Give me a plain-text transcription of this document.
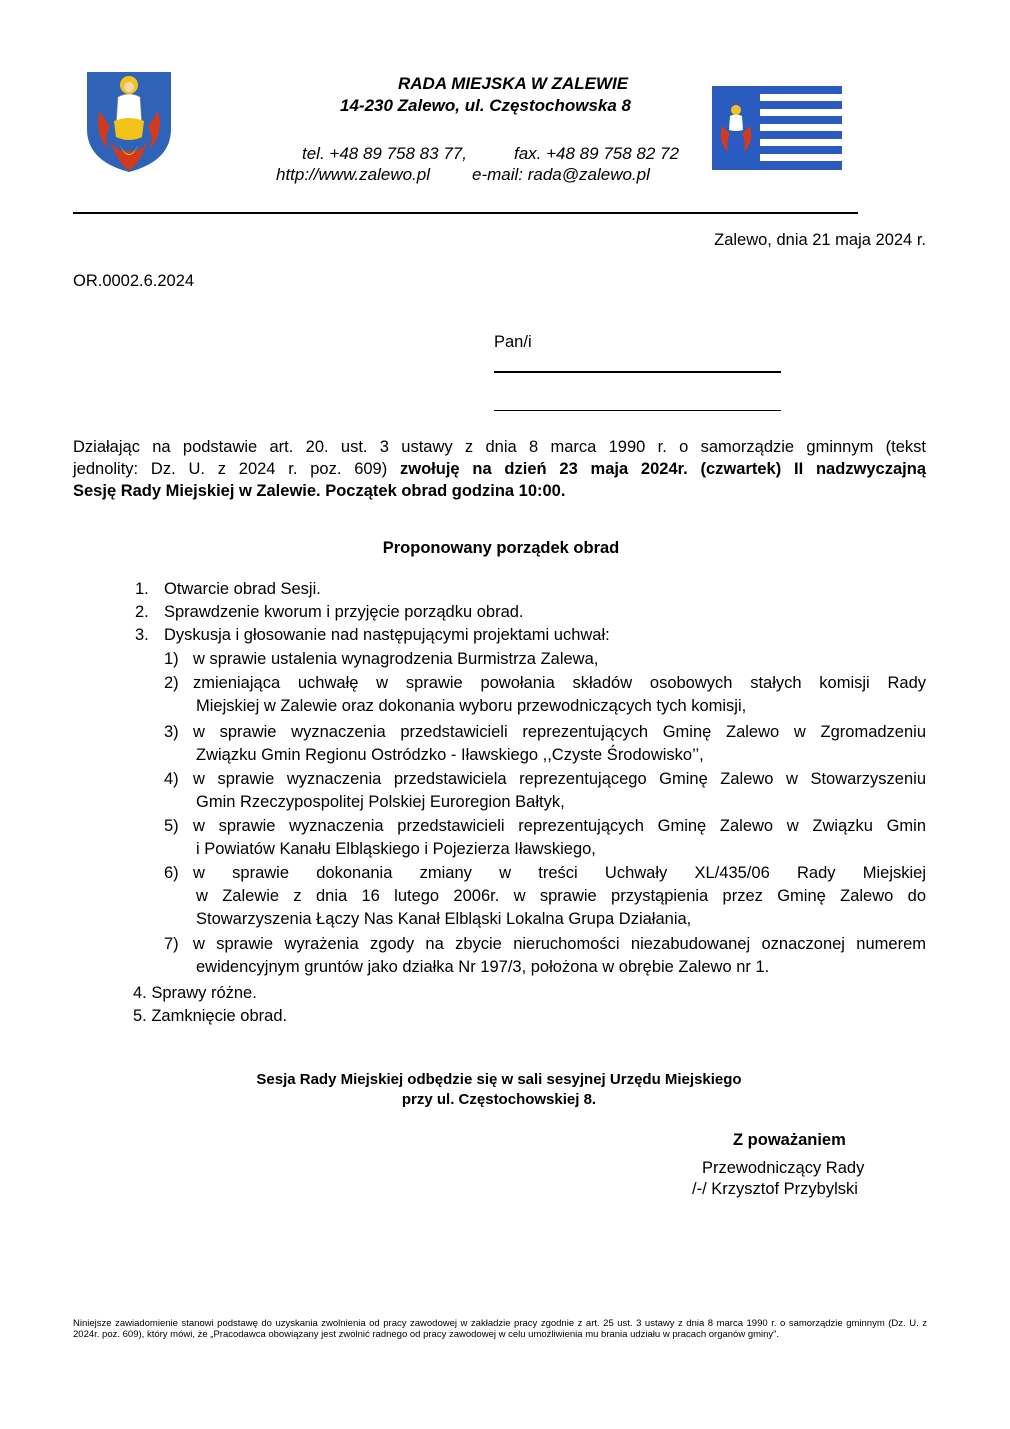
RADA MIEJSKA W ZALEWIE
14-230 Zalewo, ul. Częstochowska 8
tel. +48 89 758 83 77,	fax. +48 89 758 82 72
http://www.zalewo.pl e-mail: rada@zalewo.pl
Zalewo, dnia 21 maja 2024 r.
OR.0002.6.2024
Pan/i
Działając na podstawie art. 20. ust. 3 ustawy z dnia 8 marca 1990 r. o samorządzie gminnym (tekst
jednolity: Dz. U. z 2024 r. poz. 609) zwołuję na dzień 23 maja 2024r. (czwartek) II nadzwyczajną
Sesję Rady Miejskiej w Zalewie. Początek obrad godzina 10:00.
Proponowany porządek obrad
1. Otwarcie obrad Sesji.
2. Sprawdzenie kworum i przyjęcie porządku obrad.
3. Dyskusja i głosowanie nad następującymi projektami uchwał:
1) w sprawie ustalenia wynagrodzenia Burmistrza Zalewa,
2) zmieniająca uchwałę w sprawie powołania składów osobowych stałych komisji Rady
Miejskiej w Zalewie oraz dokonania wyboru przewodniczących tych komisji,
3) w sprawie wyznaczenia przedstawicieli reprezentujących Gminę Zalewo w Zgromadzeniu
Związku Gmin Regionu Ostródzko - Iławskiego ,,Czyste Środowisko’’,
4) w sprawie wyznaczenia przedstawiciela reprezentującego Gminę Zalewo w Stowarzyszeniu
Gmin Rzeczypospolitej Polskiej Euroregion Bałtyk,
5) w sprawie wyznaczenia przedstawicieli reprezentujących Gminę Zalewo w Związku Gmin
i Powiatów Kanału Elbląskiego i Pojezierza Iławskiego,
6) w sprawie dokonania zmiany w treści Uchwały XL/435/06 Rady Miejskiej
w Zalewie z dnia 16 lutego 2006r. w sprawie przystąpienia przez Gminę Zalewo do
Stowarzyszenia Łączy Nas Kanał Elbląski Lokalna Grupa Działania,
7) w sprawie wyrażenia zgody na zbycie nieruchomości niezabudowanej oznaczonej numerem
ewidencyjnym gruntów jako działka Nr 197/3, położona w obrębie Zalewo nr 1.
4. Sprawy różne.
5. Zamknięcie obrad.
Sesja Rady Miejskiej odbędzie się w sali sesyjnej Urzędu Miejskiego
przy ul. Częstochowskiej 8.
Z poważaniem
Przewodniczący Rady
/-/ Krzysztof Przybylski
Niniejsze zawiadomienie stanowi podstawę do uzyskania zwolnienia od pracy zawodowej w zakładzie pracy zgodnie z art. 25 ust. 3 ustawy z dnia 8 marca 1990 r. o samorządzie gminnym (Dz. U. z 2024r. poz. 609), który mówi, że „Pracodawca obowiązany jest zwolnić radnego od pracy zawodowej w celu umożliwienia mu brania udziału w pracach organów gminy”.
